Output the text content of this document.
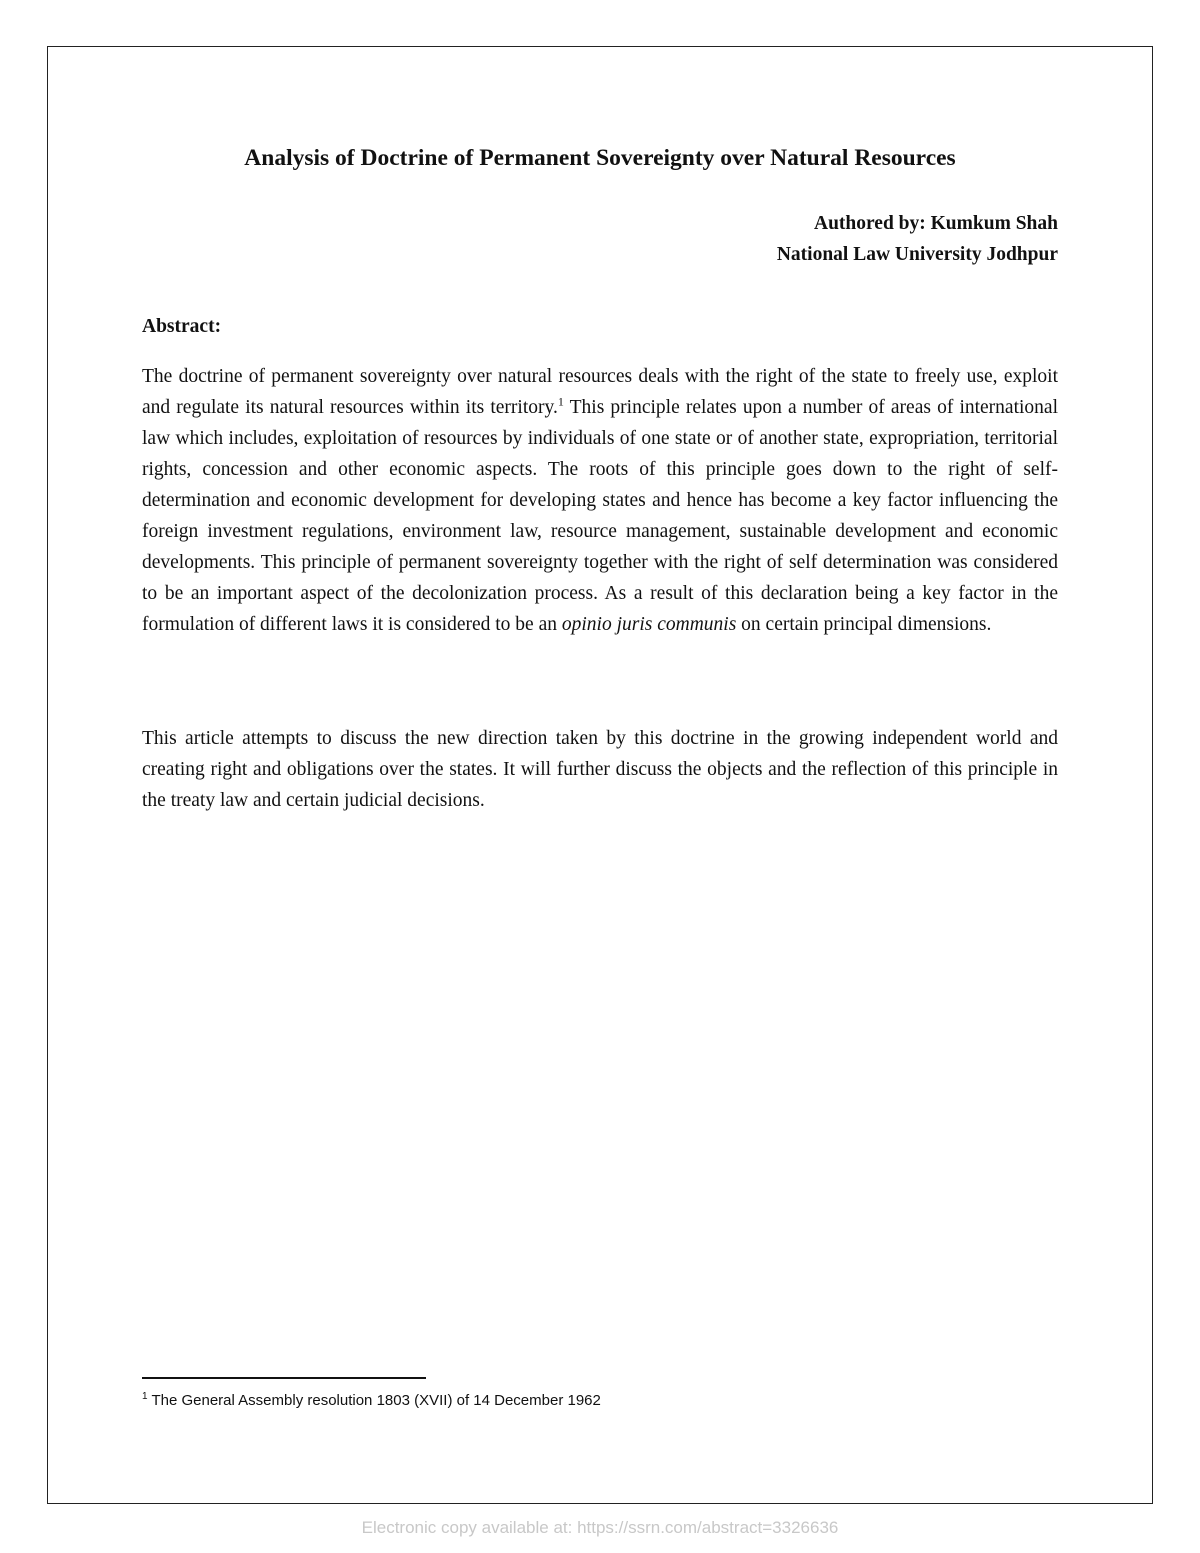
Analysis of Doctrine of Permanent Sovereignty over Natural Resources
Authored by: Kumkum Shah
National Law University Jodhpur
Abstract:

The doctrine of permanent sovereignty over natural resources deals with the right of the state to freely use, exploit and regulate its natural resources within its territory.$^1$ This principle relates upon a number of areas of international law which includes, exploitation of resources by individuals of one state or of another state, expropriation, territorial rights, concession and other economic aspects. The roots of this principle goes down to the right of self-determination and economic development for developing states and hence has become a key factor influencing the foreign investment regulations, environment law, resource management, sustainable development and economic developments. This principle of permanent sovereignty together with the right of self determination was considered to be an important aspect of the decolonization process. As a result of this declaration being a key factor in the formulation of different laws it is considered to be an opinio juris communis on certain principal dimensions.

This article attempts to discuss the new direction taken by this doctrine in the growing independent world and creating right and obligations over the states. It will further discuss the objects and the reflection of this principle in the treaty law and certain judicial decisions.

$^1$ The General Assembly resolution 1803 (XVII) of 14 December 1962
Electronic copy available at: https://ssrn.com/abstract=3326636
